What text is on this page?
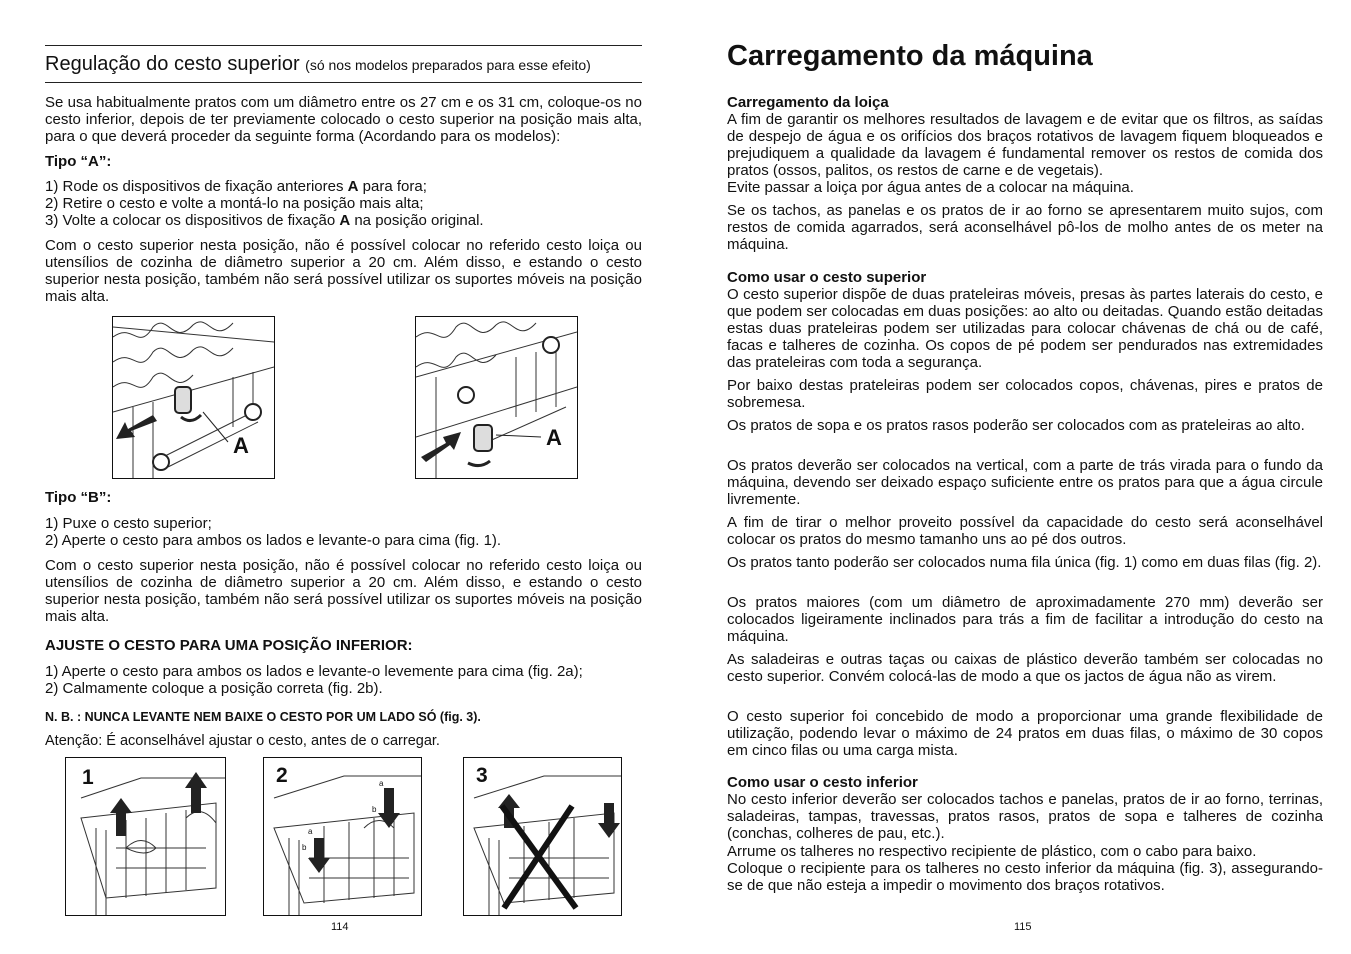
Regulação do cesto superior (só nos modelos preparados para esse efeito)
Se usa habitualmente pratos com um diâmetro entre os 27 cm e os 31 cm, coloque-os no cesto inferior, depois de ter previamente colocado o cesto superior na posição mais alta, para o que deverá proceder da seguinte forma (Acordando para os modelos):
Tipo “A”:
1) Rode os dispositivos de fixação anteriores A para fora;
2) Retire o cesto e volte a montá-lo na posição mais alta;
3) Volte a colocar os dispositivos de fixação A na posição original.
Com o cesto superior nesta posição, não é possível colocar no referido cesto loiça ou utensílios de cozinha de diâmetro superior a 20 cm. Além disso, e estando o cesto superior nesta posição, também não será possível utilizar os suportes móveis na posição mais alta.
A	A
Tipo “B”:
1) Puxe o cesto superior;
2) Aperte o cesto para ambos os lados e levante-o para cima (fig. 1).
Com o cesto superior nesta posição, não é possível colocar no referido cesto loiça ou utensílios de cozinha de diâmetro superior a 20 cm. Além disso, e estando o cesto superior nesta posição, também não será possível utilizar os suportes móveis na posição mais alta.
AJUSTE O CESTO PARA UMA POSIÇÃO INFERIOR:
1) Aperte o cesto para ambos os lados e levante-o levemente para cima (fig. 2a);
2) Calmamente coloque a posição correta (fig. 2b).
N. B. : NUNCA LEVANTE NEM BAIXE O CESTO POR UM LADO SÓ (fig. 3).
Atenção: É aconselhável ajustar o cesto, antes de o carregar.
1	a
b
a
b
2	3
114
Carregamento da máquina
Carregamento da loiça
A fim de garantir os melhores resultados de lavagem e de evitar que os filtros, as saídas de despejo de água e os orifícios dos braços rotativos de lavagem fiquem bloqueados e prejudiquem a qualidade da lavagem é fundamental remover os restos de comida dos pratos (ossos, palitos, os restos de carne e de vegetais).
Evite passar a loiça por água antes de a colocar na máquina.
Se os tachos, as panelas e os pratos de ir ao forno se apresentarem muito sujos, com restos de comida agarrados, será aconselhável pô-los de molho antes de os meter na máquina.
Como usar o cesto superior
O cesto superior dispõe de duas prateleiras móveis, presas às partes laterais do cesto, e que podem ser colocadas em duas posições: ao alto ou deitadas. Quando estão deitadas estas duas prateleiras podem ser utilizadas para colocar chávenas de chá ou de café, facas e talheres de cozinha. Os copos de pé podem ser pendurados nas extremidades das prateleiras com toda a segurança.
Por baixo destas prateleiras podem ser colocados copos, chávenas, pires e pratos de sobremesa.
Os pratos de sopa e os pratos rasos poderão ser colocados com as prateleiras ao alto.
Os pratos deverão ser colocados na vertical, com a parte de trás virada para o fundo da máquina, devendo ser deixado espaço suficiente entre os pratos para que a água circule livremente.
A fim de tirar o melhor proveito possível da capacidade do cesto será aconselhável colocar os pratos do mesmo tamanho uns ao pé dos outros.
Os pratos tanto poderão ser colocados numa fila única (fig. 1) como em duas filas (fig. 2).
Os pratos maiores (com um diâmetro de aproximadamente 270 mm) deverão ser colocados ligeiramente inclinados para trás a fim de facilitar a introdução do cesto na máquina.
As saladeiras e outras taças ou caixas de plástico deverão também ser colocadas no cesto superior. Convém colocá-las de modo a que os jactos de água não as virem.
O cesto superior foi concebido de modo a proporcionar uma grande flexibilidade de utilização, podendo levar o máximo de 24 pratos em duas filas, o máximo de 30 copos em cinco filas ou uma carga mista.
Como usar o cesto inferior
No cesto inferior deverão ser colocados tachos e panelas, pratos de ir ao forno, terrinas, saladeiras, tampas, travessas, pratos rasos, pratos de sopa e talheres de cozinha (conchas, colheres de pau, etc.).
Arrume os talheres no respectivo recipiente de plástico, com o cabo para baixo.
Coloque o recipiente para os talheres no cesto inferior da máquina (fig. 3), assegurando-se de que não esteja a impedir o movimento dos braços rotativos.
115
